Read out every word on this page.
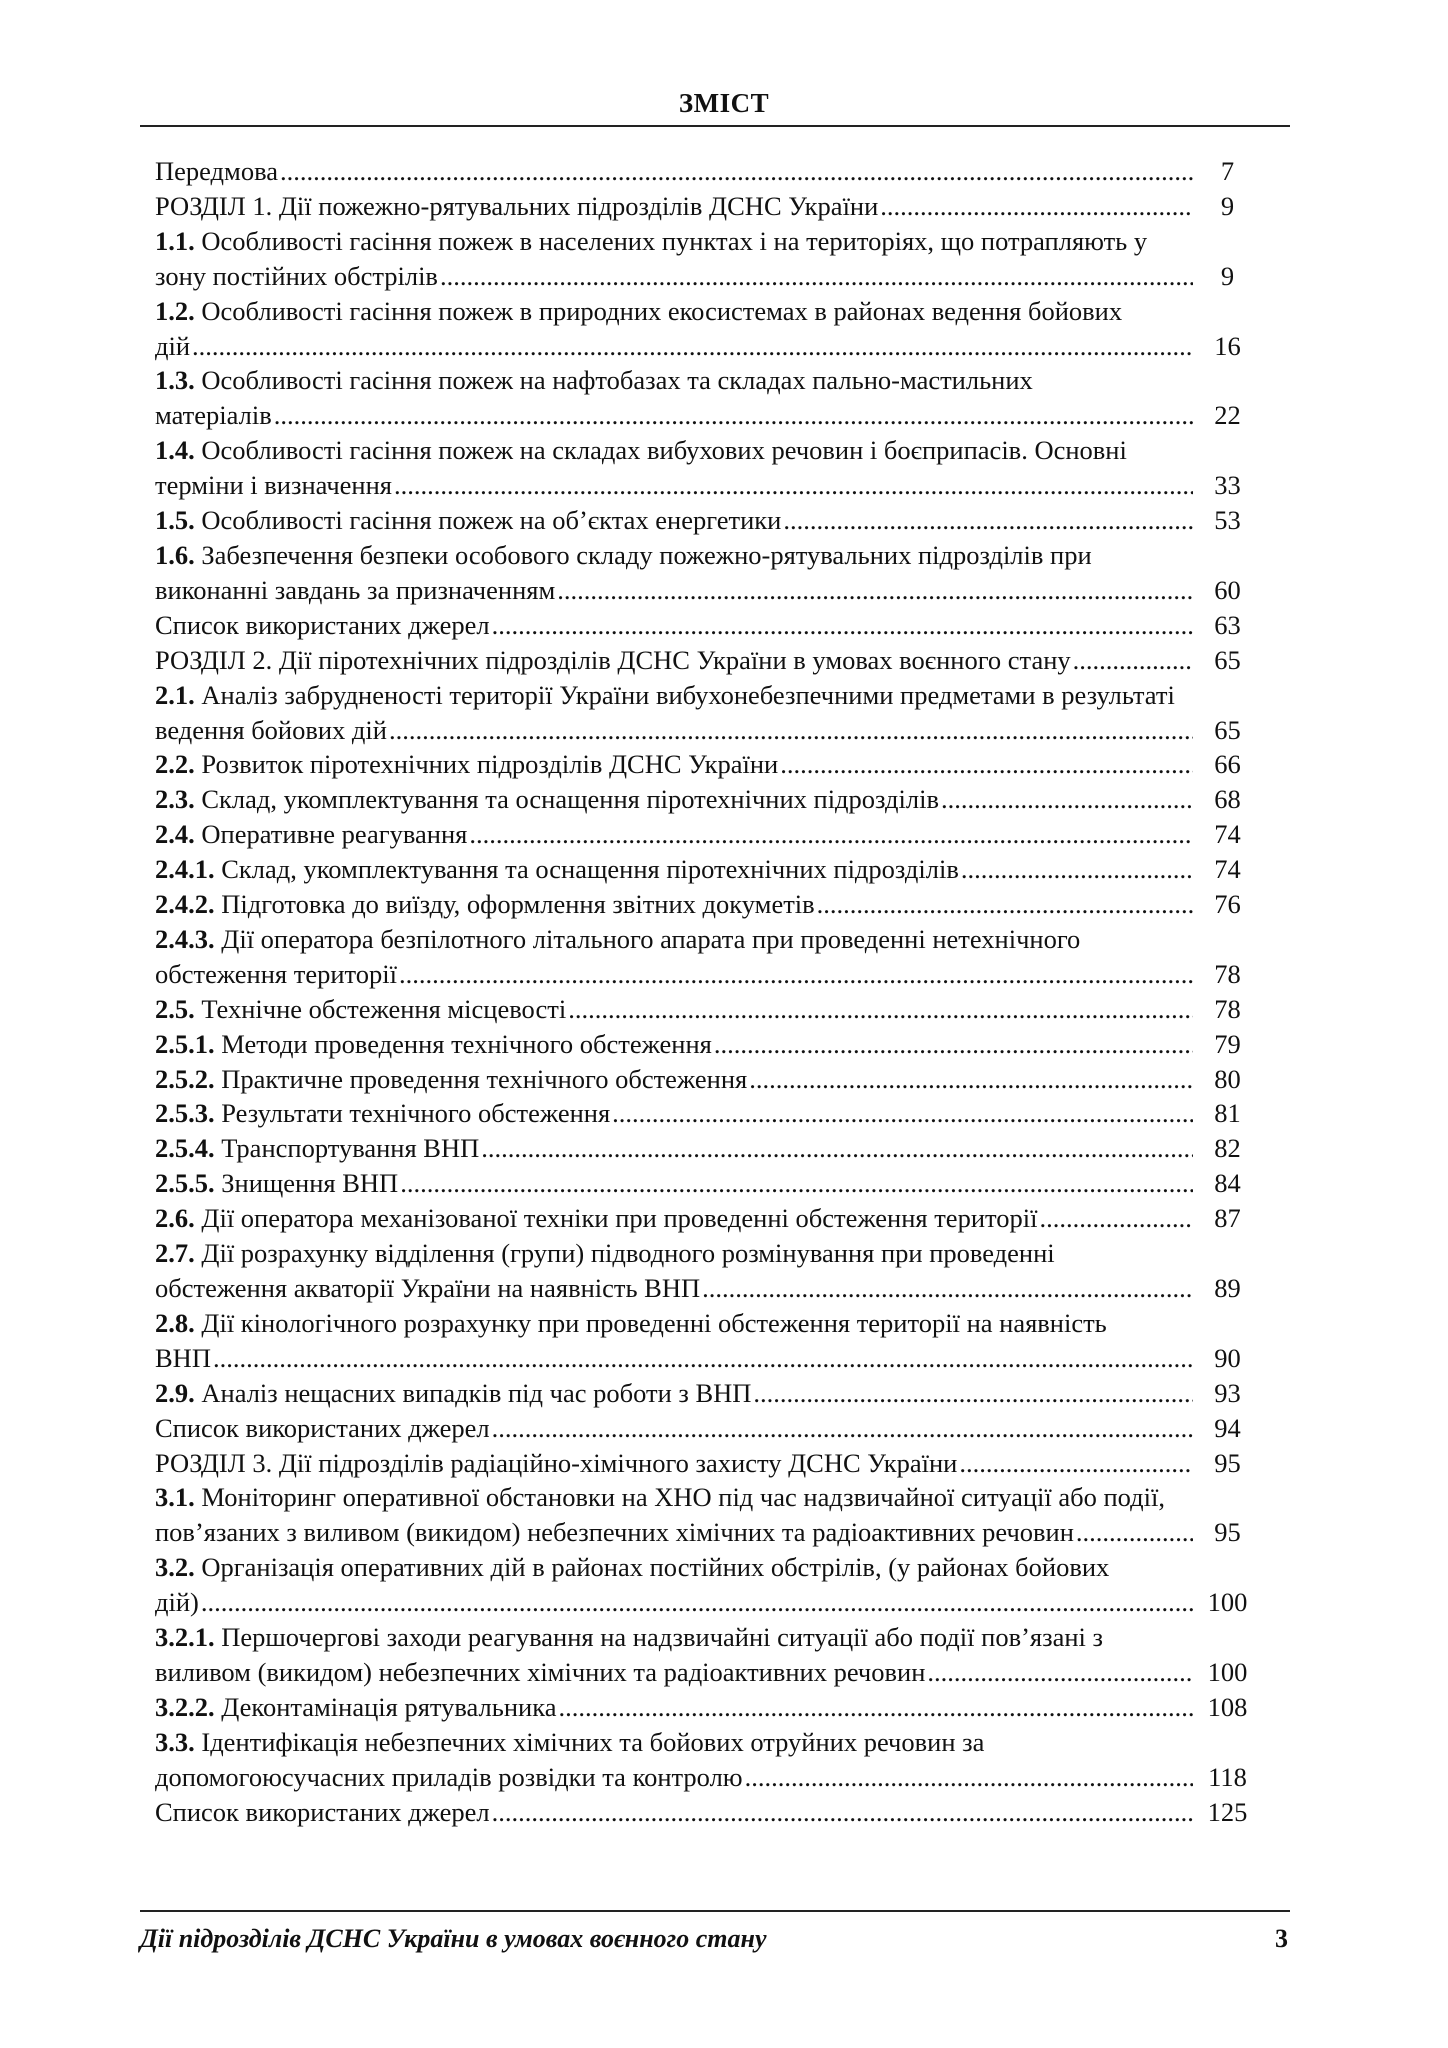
ЗМІСТ
Передмова .....	7
РОЗДІЛ 1. Дії пожежно-рятувальних підрозділів ДСНС України .....	9
1.1. Особливості гасіння пожеж в населених пунктах і на територіях, що потрапляють у
зону постійних обстрілів .....	9
1.2. Особливості гасіння пожеж в природних екосистемах в районах ведення бойових
дій .....	16
1.3. Особливості гасіння пожеж на нафтобазах та складах пально-мастильних
матеріалів .....	22
1.4. Особливості гасіння пожеж на складах вибухових речовин і боєприпасів. Основні
терміни і визначення .....	33
1.5. Особливості гасіння пожеж на об’єктах енергетики .....	53
1.6. Забезпечення безпеки особового складу пожежно-рятувальних підрозділів при
виконанні завдань за призначенням .....	60
Список використаних джерел .....	63
РОЗДІЛ 2. Дії піротехнічних підрозділів ДСНС України в умовах воєнного стану .....	65
2.1. Аналіз забрудненості території України вибухонебезпечними предметами в результаті
ведення бойових дій .....	65
2.2. Розвиток піротехнічних підрозділів ДСНС України .....	66
2.3. Склад, укомплектування та оснащення піротехнічних підрозділів .....	68
2.4. Оперативне реагування .....	74
2.4.1. Склад, укомплектування та оснащення піротехнічних підрозділів .....	74
2.4.2. Підготовка до виїзду, оформлення звітних докуметів .....	76
2.4.3. Дії оператора безпілотного літального апарата при проведенні нетехнічного
обстеження території .....	78
2.5. Технічне обстеження місцевості .....	78
2.5.1. Методи проведення технічного обстеження .....	79
2.5.2. Практичне проведення технічного обстеження .....	80
2.5.3. Результати технічного обстеження .....	81
2.5.4. Транспортування ВНП .....	82
2.5.5. Знищення ВНП .....	84
2.6. Дії оператора механізованої техніки при проведенні обстеження території .....	87
2.7. Дії розрахунку відділення (групи) підводного розмінування при проведенні
обстеження акваторії України на наявність ВНП .....	89
2.8. Дії кінологічного розрахунку при проведенні обстеження території на наявність
ВНП .....	90
2.9. Аналіз нещасних випадків під час роботи з ВНП .....	93
Список використаних джерел .....	94
РОЗДІЛ 3. Дії підрозділів радіаційно-хімічного захисту ДСНС України .....	95
3.1. Моніторинг оперативної обстановки на ХНО під час надзвичайної ситуації або події,
пов’язаних з виливом (викидом) небезпечних хімічних та радіоактивних речовин .....	95
3.2. Організація оперативних дій в районах постійних обстрілів, (у районах бойових
дій) .....	100
3.2.1. Першочергові заходи реагування на надзвичайні ситуації або події пов’язані з
виливом (викидом) небезпечних хімічних та радіоактивних речовин .....	100
3.2.2. Деконтамінація рятувальника .....	108
3.3. Ідентифікація небезпечних хімічних та бойових отруйних речовин за
допомогоюсучасних приладів розвідки та контролю .....	118
Список використаних джерел .....	125
Дії підрозділів ДСНС України в умовах воєнного стану	3
